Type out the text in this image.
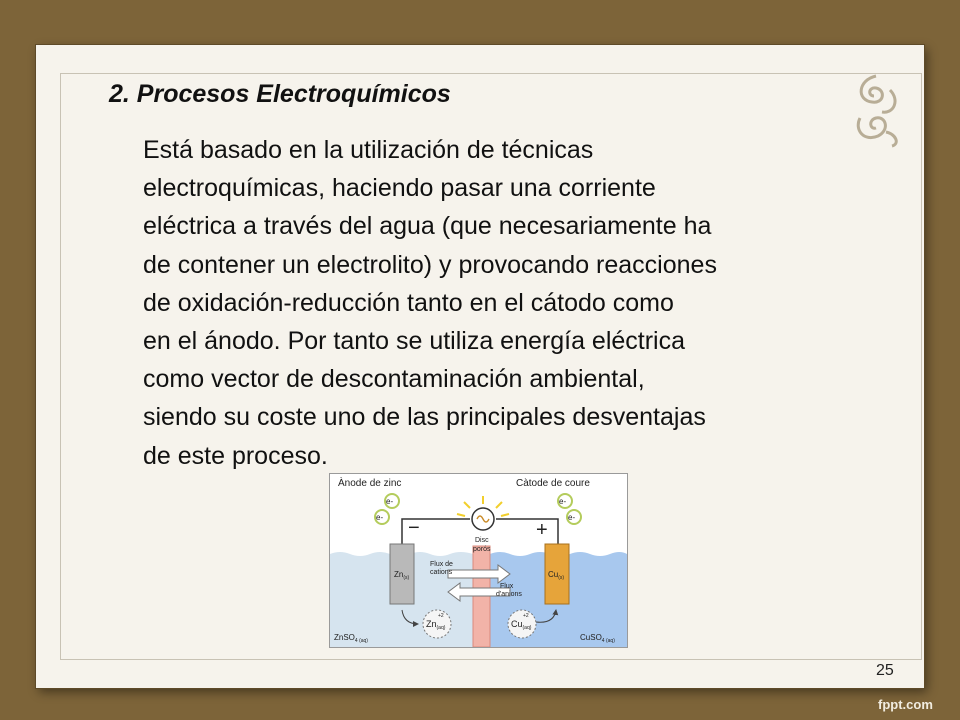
2. Procesos Electroquímicos
Está basado en la utilización de técnicas
electroquímicas, haciendo pasar una corriente
eléctrica a través del agua (que necesariamente ha
de contener un electrolito) y provocando reacciones
de oxidación-reducción tanto en el cátodo como
en el ánodo. Por tanto se utiliza energía eléctrica
como vector de descontaminación ambiental,
siendo su coste uno de las principales desventajas
de este proceso.
Ànode de zinc	Càtode de coure
e-
e-
e-
e-
−	+
Disc
porós
$Zn_{(s)}$	$Cu_{(s)}$
Flux de
cations
Flux
d'anions
$Zn_{(aq)}$
+2
$Cu_{(aq)}$
+2
ZnSO$_{4 (aq)}$	CuSO$_{4 (aq)}$
25
fppt.com
